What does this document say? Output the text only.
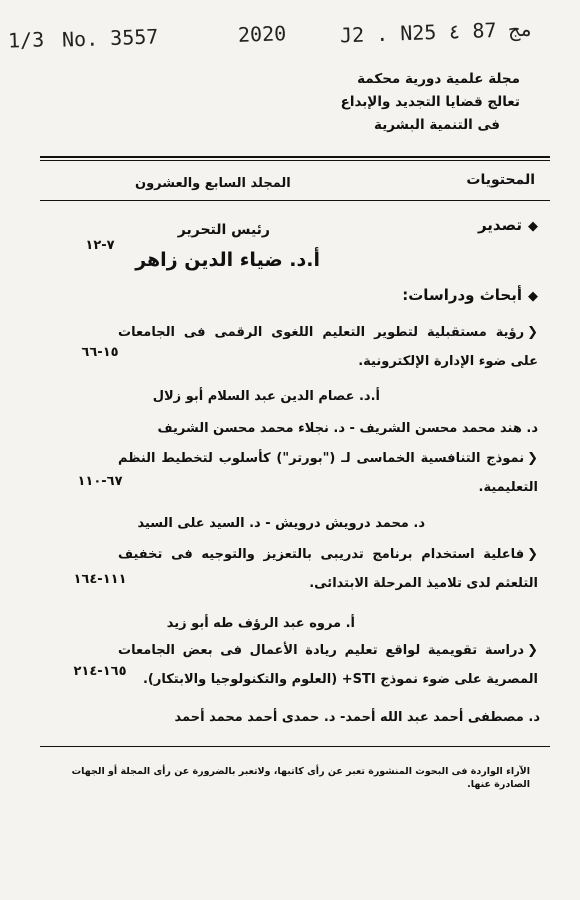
1/3 No. 3557	2020	J2 . N25 ٤ 87 مج
مجلة علمية دورية محكمة
تعالج قضايا التجديد والإبداع
فى التنمية البشرية
المحتويات
المجلد السابع والعشرون
◆تصدير
رئيس التحرير
أ.د. ضياء الدين زاهر
٧-١٢
◆أبحاث ودراسات:
❮رؤية مستقبلية لتطوير التعليم اللغوى الرقمى فى الجامعات على ضوء الإدارة الإلكترونية.
١٥-٦٦
أ.د. عصام الدين عبد السلام أبو زلال
د. هند محمد محسن الشريف - د. نجلاء محمد محسن الشريف
❮نموذج التنافسية الخماسى لـ ("بورتر") كأسلوب لتخطيط النظم التعليمية.
٦٧-١١٠
د. محمد درويش درويش - د. السيد على السيد
❮فاعلية استخدام برنامج تدريبى بالتعزيز والتوجيه فى تخفيف التلعثم لدى تلاميذ المرحلة الابتدائى.
١١١-١٦٤
أ. مروه عبد الرؤف طه أبو زيد
❮دراسة تقويمية لواقع تعليم ريادة الأعمال فى بعض الجامعات المصرية على ضوء نموذج STI+ (العلوم والتكنولوجيا والابتكار).
١٦٥-٢١٤
د. مصطفى أحمد عبد الله أحمد- د. حمدى أحمد محمد أحمد
الآراء الواردة فى البحوث المنشورة تعبر عن رأى كاتبها، ولاتعبر بالضرورة عن رأى المجلة أو الجهات الصادرة عنها.
